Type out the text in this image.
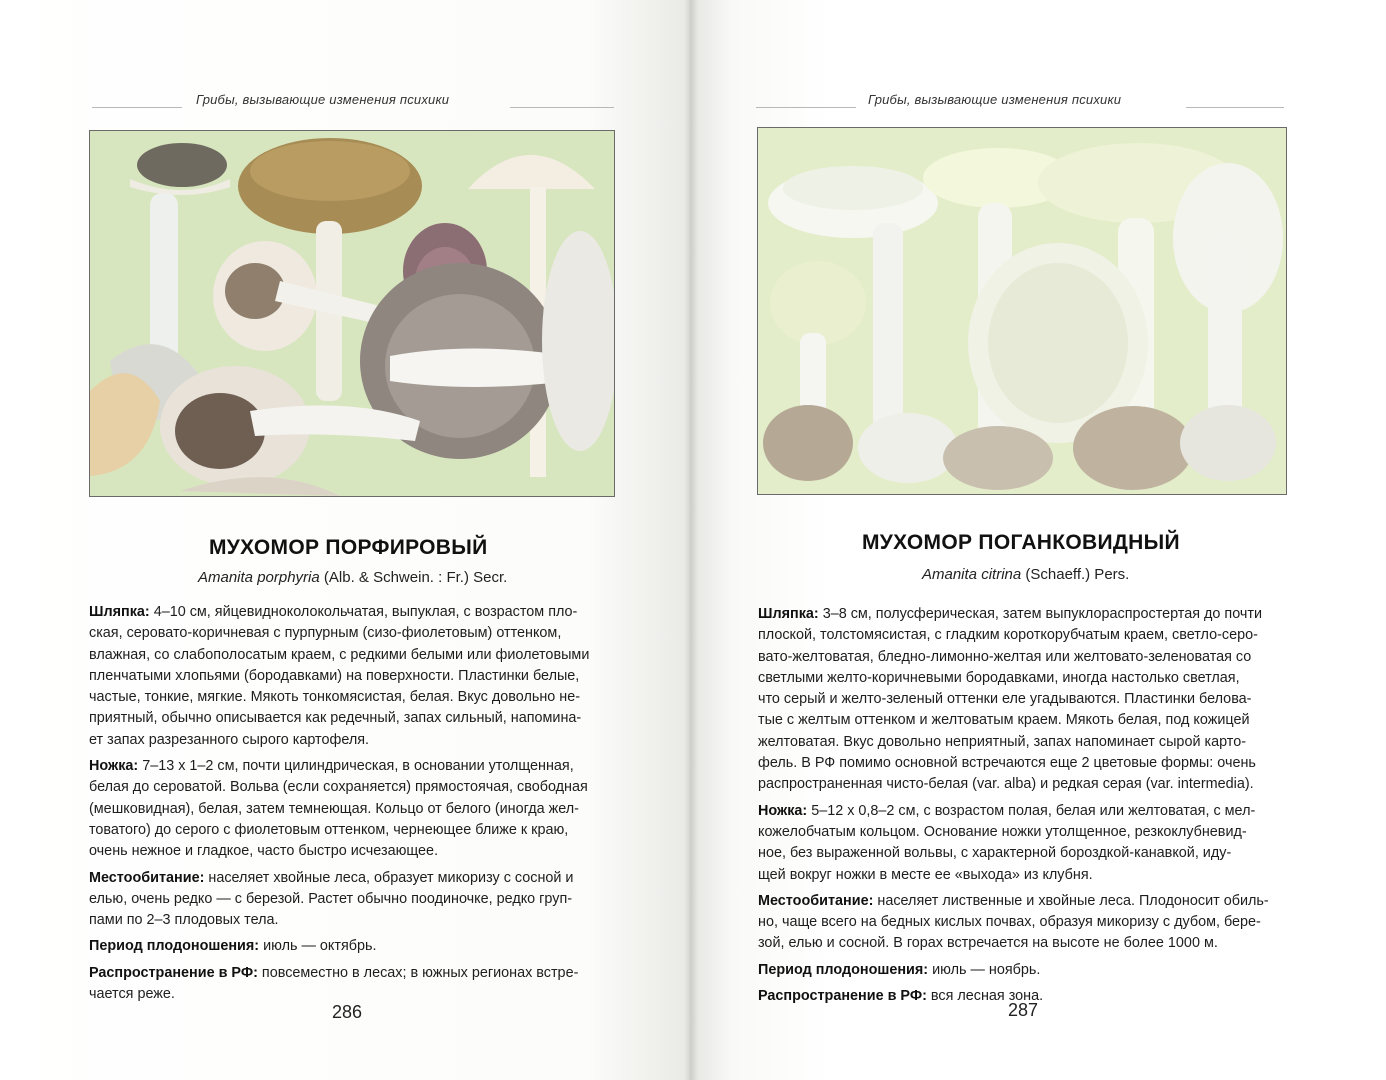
Грибы, вызывающие изменения психики
МУХОМОР ПОРФИРОВЫЙ
Amanita porphyria (Alb. & Schwein. : Fr.) Secr.

Шляпка: 4–10 см, яйцевидноколокольчатая, выпуклая, с возрастом пло-
ская, серовато-коричневая с пурпурным (сизо-фиолетовым) оттенком,
влажная, со слабополосатым краем, с редкими белыми или фиолетовыми
пленчатыми хлопьями (бородавками) на поверхности. Пластинки белые,
частые, тонкие, мягкие. Мякоть тонкомясистая, белая. Вкус довольно не-
приятный, обычно описывается как редечный, запах сильный, напомина-
ет запах разрезанного сырого картофеля.

Ножка: 7–13 x 1–2 см, почти цилиндрическая, в основании утолщенная,
белая до сероватой. Вольва (если сохраняется) прямостоячая, свободная
(мешковидная), белая, затем темнеющая. Кольцо от белого (иногда жел-
товатого) до серого с фиолетовым оттенком, чернеющее ближе к краю,
очень нежное и гладкое, часто быстро исчезающее.

Местообитание: населяет хвойные леса, образует микоризу с сосной и
елью, очень редко — с березой. Растет обычно поодиночке, редко груп-
пами по 2–3 плодовых тела.

Период плодоношения: июль — октябрь.

Распространение в РФ: повсеместно в лесах; в южных регионах встре-
чается реже.

286
Грибы, вызывающие изменения психики
МУХОМОР ПОГАНКОВИДНЫЙ
Amanita citrina (Schaeff.) Pers.

Шляпка: 3–8 см, полусферическая, затем выпуклораспростертая до почти
плоской, толстомясистая, с гладким короткорубчатым краем, светло-серо-
вато-желтоватая, бледно-лимонно-желтая или желтовато-зеленоватая со
светлыми желто-коричневыми бородавками, иногда настолько светлая,
что серый и желто-зеленый оттенки еле угадываются. Пластинки белова-
тые с желтым оттенком и желтоватым краем. Мякоть белая, под кожицей
желтоватая. Вкус довольно неприятный, запах напоминает сырой карто-
фель. В РФ помимо основной встречаются еще 2 цветовые формы: очень
распространенная чисто-белая (var. alba) и редкая серая (var. intermedia).

Ножка: 5–12 x 0,8–2 см, с возрастом полая, белая или желтоватая, с мел-
кожелобчатым кольцом. Основание ножки утолщенное, резкоклубневид-
ное, без выраженной вольвы, с характерной бороздкой-канавкой, иду-
щей вокруг ножки в месте ее «выхода» из клубня.

Местообитание: населяет лиственные и хвойные леса. Плодоносит обиль-
но, чаще всего на бедных кислых почвах, образуя микоризу с дубом, бере-
зой, елью и сосной. В горах встречается на высоте не более 1000 м.

Период плодоношения: июль — ноябрь.

Распространение в РФ: вся лесная зона.

287
